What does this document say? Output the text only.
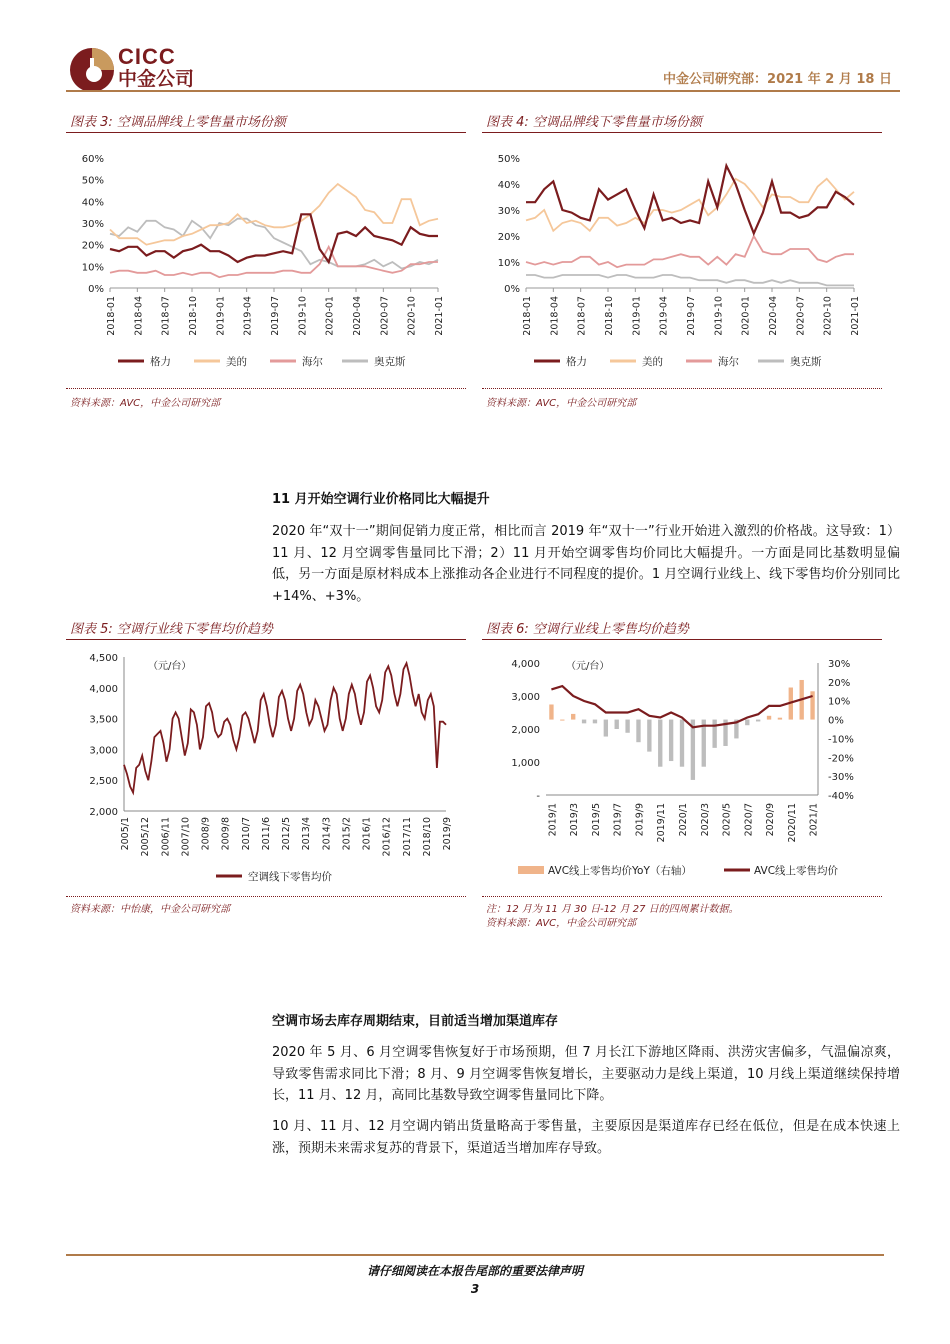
CICC
中金公司	中金公司研究部：2021 年 2 月 18 日
图表 3: 空调品牌线上零售量市场份额
0%
10%
20%
30%
40%
50%
60%
2018-01 2018-04 2018-07 2018-10 2019-01 2019-04 2019-07 2019-10 2020-01 2020-04 2020-07 2020-10 2021-01
格力	美的	海尔	奥克斯
资料来源：AVC，中金公司研究部
图表 4: 空调品牌线下零售量市场份额
0%
10%
20%
30%
40%
50%
2018-01 2018-04 2018-07 2018-10 2019-01 2019-04 2019-07 2019-10 2020-01 2020-04 2020-07 2020-10 2021-01
格力	美的	海尔	奥克斯
资料来源：AVC，中金公司研究部
11 月开始空调行业价格同比大幅提升
2020 年“双十一”期间促销力度正常，相比而言 2019 年“双十一”行业开始进入激烈的价格战。这导致：1）11 月、12 月空调零售量同比下滑；2）11 月开始空调零售均价同比大幅提升。一方面是同比基数明显偏低，另一方面是原材料成本上涨推动各企业进行不同程度的提价。1 月空调行业线上、线下零售均价分别同比+14%、+3%。
图表 5: 空调行业线下零售均价趋势
2,000
2,500
3,000
3,500
4,000
4,500
（元/台）
2005/1 2005/12 2006/11 2007/10 2008/9 2009/8 2010/7 2011/6 2012/5 2013/4 2014/3 2015/2 2016/1 2016/12 2017/11 2018/10 2019/9
空调线下零售均价
资料来源：中怡康，中金公司研究部
图表 6: 空调行业线上零售均价趋势
-
1,000
2,000
3,000
4,000
-40%
-30%
-20%
-10%
0%
10%
20%
30%
（元/台）
2019/1 2019/3 2019/5 2019/7 2019/9 2019/11 2020/1 2020/3 2020/5 2020/7 2020/9 2020/11 2021/1
AVC线上零售均价YoY（右轴）	AVC线上零售均价
注：12 月为 11 月 30 日-12 月 27 日的四周累计数据。
资料来源：AVC，中金公司研究部
空调市场去库存周期结束，目前适当增加渠道库存
2020 年 5 月、6 月空调零售恢复好于市场预期，但 7 月长江下游地区降雨、洪涝灾害偏多，气温偏凉爽，导致零售需求同比下滑；8 月、9 月空调零售恢复增长，主要驱动力是线上渠道，10 月线上渠道继续保持增长，11 月、12 月，高同比基数导致空调零售量同比下降。
10 月、11 月、12 月空调内销出货量略高于零售量，主要原因是渠道库存已经在低位，但是在成本快速上涨，预期未来需求复苏的背景下，渠道适当增加库存导致。
请仔细阅读在本报告尾部的重要法律声明
3
